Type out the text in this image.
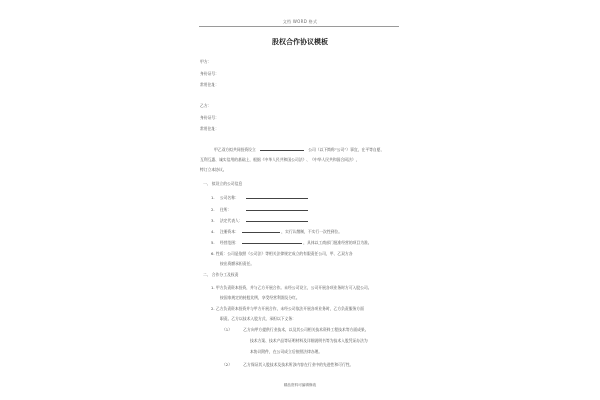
文档 WORD 格式
股权合作协议模板
甲方：
身份证号：
常用住址：
乙方：
身份证号：
常用住址：
甲乙双方拟共同投资设立	公司（以下简称“公司”）事宜，在平等自愿、
互利互惠、诚实信用的基础上，根据《中华人民共和国公司法》、《中华人民共和国合同法》，
特订立本协议。
一、 拟设立的公司信息
1. 公司名称：
2. 住所：
3. 法定代表人：
4. 注册资本：	，实行认缴制，不实行一次性到位。
5. 经营范围：	，具体以工商部门批准经营的项目为准。
6. 性质：公司是依照《公司法》等相关法律规定成立的有限责任公司，甲、乙双方各
按出资额承担责任。
二、 合作分工及权责
1. 甲方负责资本投资，并与乙方开展合作。未经公司设立，公司开展各项业务时方可入股公司。
按国家规定的持股比例，享受经营利润及分红。
2. 乙方负责资本投资并与甲方开展合作，未经公司依法开展各项业务时，乙方负责服务方面
职责。乙方以技术入股方式，承担以下义务：
（1）	乙方向甲方提供行业技术，以及其公司相关技术资料工程技术等方面成果。
技术方案、技术产品等证明材料及详细说明书等为技术入股凭证办法为
本协议附件，在公司成立后按照法律办理。
（2）	乙方保证其入股技术及技术所涉内容在行业中的先进性和可行性。
精品资料可编辑修改
